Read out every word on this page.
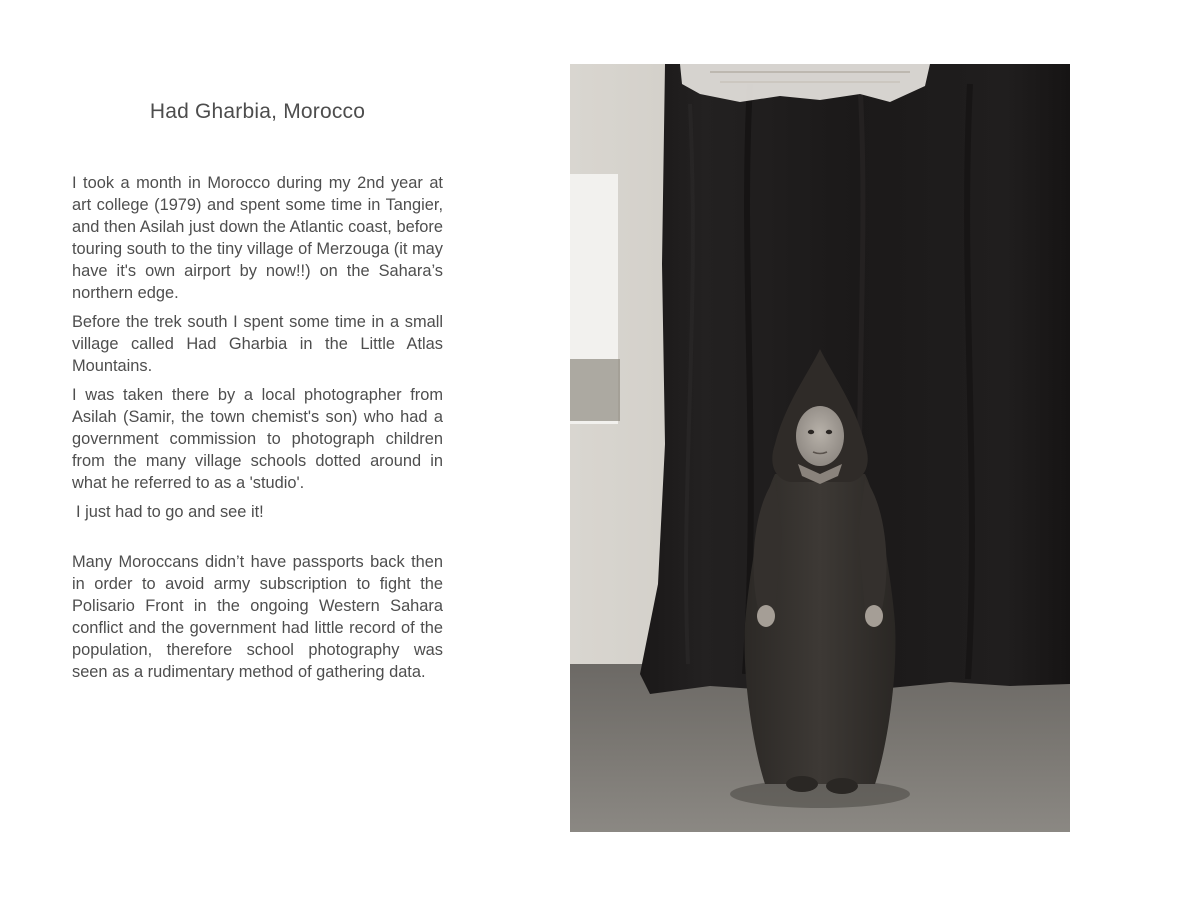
Had Gharbia, Morocco

I took a month in Morocco during my 2nd year at art college (1979) and spent some time in Tangier, and then Asilah just down the Atlantic coast, before touring south to the tiny village of Merzouga (it may have it's own airport by now!!) on the Sahara’s northern edge.

Before the trek south I spent some time in a small village called Had Gharbia in the Little Atlas Mountains.

I was taken there by a local photographer from Asilah (Samir, the town chemist's son) who had a government commission to photograph children from the many village schools dotted around in what he referred to as a 'studio'.

I just had to go and see it!

Many Moroccans didn’t have passports back then in order to avoid army subscription to fight the Polisario Front in the ongoing Western Sahara conflict and the government had little record of the population, therefore school photography was seen as a rudimentary method of gathering data.
